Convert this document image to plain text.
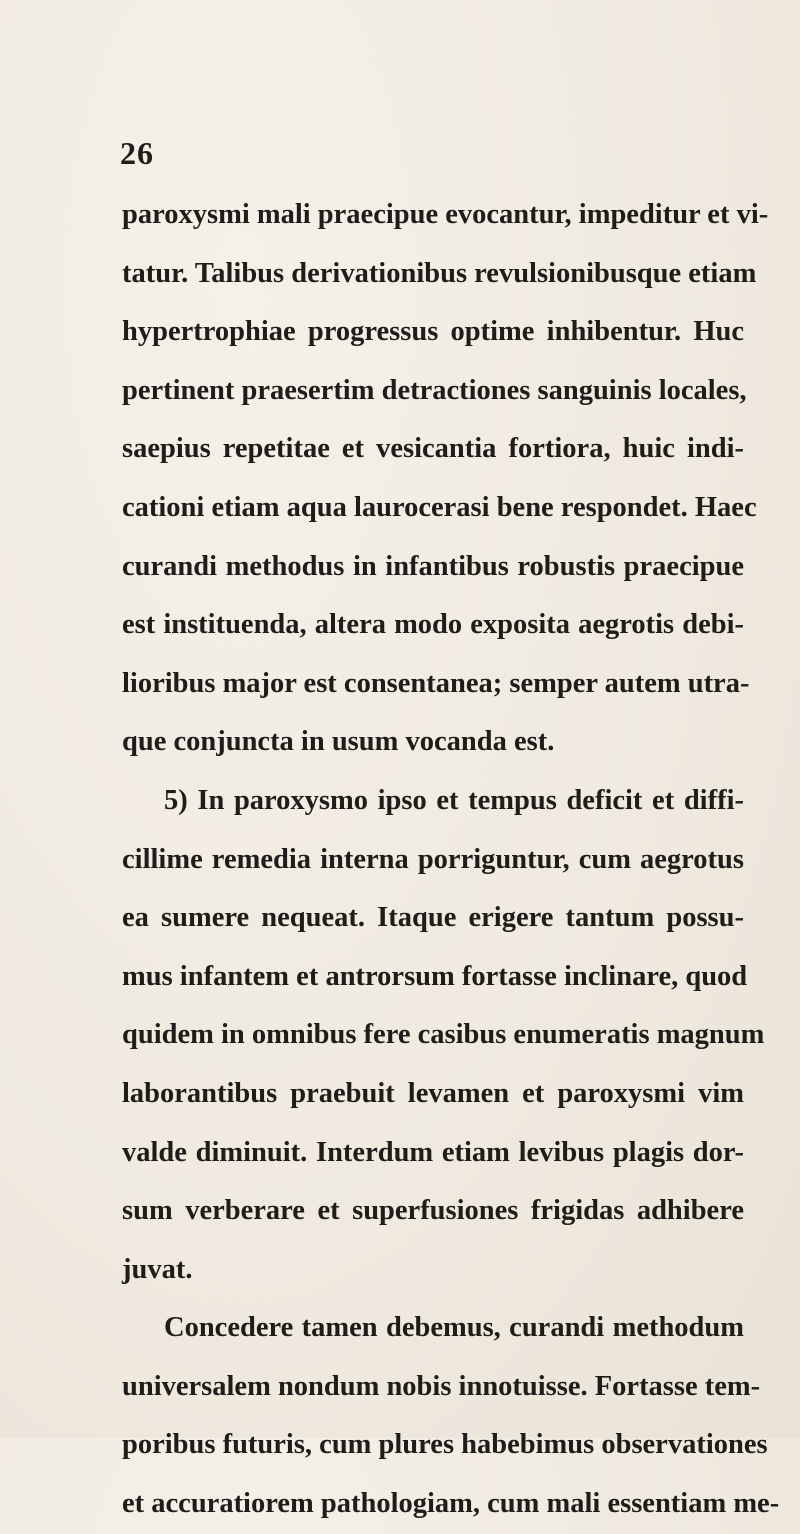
26
paroxysmi mali praecipue evocantur, impeditur et vi-
tatur. Talibus derivationibus revulsionibusque etiam
hypertrophiae progressus optime inhibentur. Huc
pertinent praesertim detractiones sanguinis locales,
saepius repetitae et vesicantia fortiora, huic indi-
cationi etiam aqua laurocerasi bene respondet. Haec
curandi methodus in infantibus robustis praecipue
est instituenda, altera modo exposita aegrotis debi-
lioribus major est consentanea; semper autem utra-
que conjuncta in usum vocanda est.
5) In paroxysmo ipso et tempus deficit et diffi-
cillime remedia interna porriguntur, cum aegrotus
ea sumere nequeat. Itaque erigere tantum possu-
mus infantem et antrorsum fortasse inclinare, quod
quidem in omnibus fere casibus enumeratis magnum
laborantibus praebuit levamen et paroxysmi vim
valde diminuit. Interdum etiam levibus plagis dor-
sum verberare et superfusiones frigidas adhibere
juvat.
Concedere tamen debemus, curandi methodum
universalem nondum nobis innotuisse. Fortasse tem-
poribus futuris, cum plures habebimus observationes
et accuratiorem pathologiam, cum mali essentiam me-
